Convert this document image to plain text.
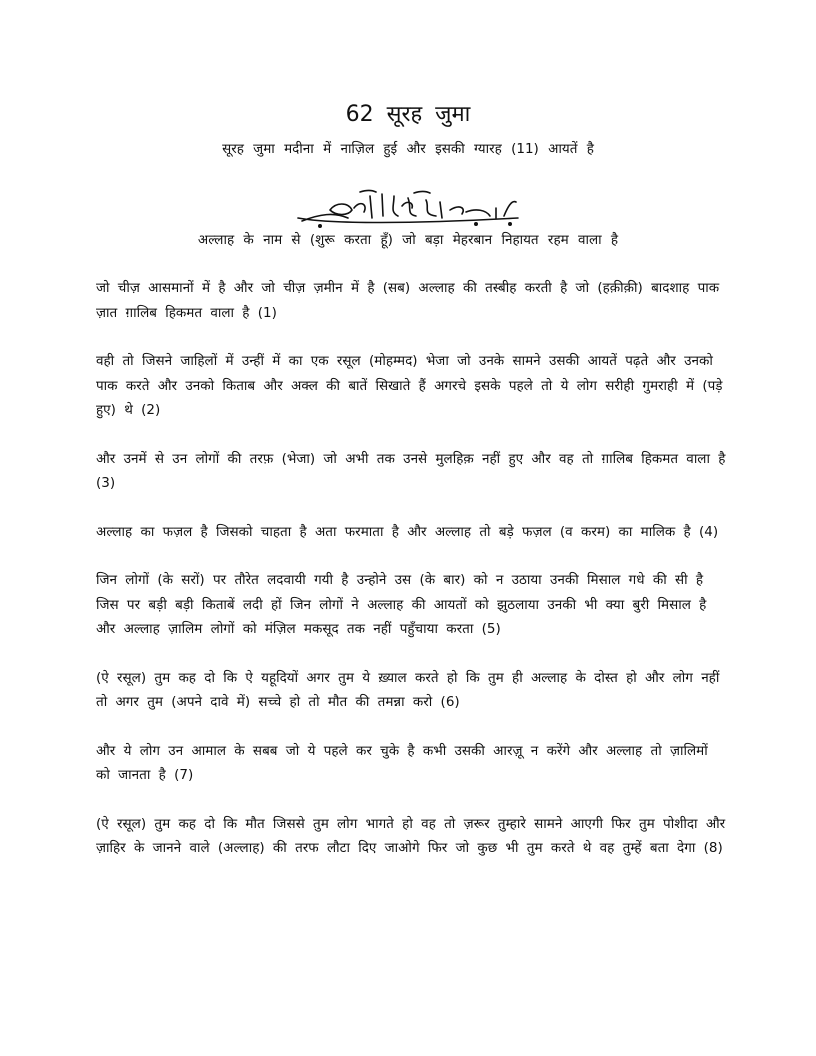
62 सूरह जुमा

सूरह जुमा मदीना में नाज़िल हुई और इसकी ग्यारह (11) आयतें है

अल्लाह के नाम से (शुरू करता हूँ) जो बड़ा मेहरबान निहायत रहम वाला है

जो चीज़ आसमानों में है और जो चीज़ ज़मीन में है (सब) अल्लाह की तस्बीह करती है जो (हक़ीक़ी) बादशाह पाक ज़ात ग़ालिब हिकमत वाला है (1)

वही तो जिसने जाहिलों में उन्हीं में का एक रसूल (मोहम्मद) भेजा जो उनके सामने उसकी आयतें पढ़ते और उनको पाक करते और उनको किताब और अक्ल की बातें सिखाते हैं अगरचे इसके पहले तो ये लोग सरीही गुमराही में (पड़े हुए) थे (2)

और उनमें से उन लोगों की तरफ़ (भेजा) जो अभी तक उनसे मुलहिक़ नहीं हुए और वह तो ग़ालिब हिकमत वाला है (3)

अल्लाह का फज़ल है जिसको चाहता है अता फरमाता है और अल्लाह तो बड़े फज़ल (व करम) का मालिक है (4)

जिन लोगों (के सरों) पर तौरेत लदवायी गयी है उन्होने उस (के बार) को न उठाया उनकी मिसाल गधे की सी है जिस पर बड़ी बड़ी किताबें लदी हों जिन लोगों ने अल्लाह की आयतों को झुठलाया उनकी भी क्या बुरी मिसाल है और अल्लाह ज़ालिम लोगों को मंज़िल मकसूद तक नहीं पहुँचाया करता (5)

(ऐ रसूल) तुम कह दो कि ऐ यहूदियों अगर तुम ये ख़्याल करते हो कि तुम ही अल्लाह के दोस्त हो और लोग नहीं तो अगर तुम (अपने दावे में) सच्चे हो तो मौत की तमन्ना करो (6)

और ये लोग उन आमाल के सबब जो ये पहले कर चुके है कभी उसकी आरज़ू न करेंगे और अल्लाह तो ज़ालिमों को जानता है (7)

(ऐ रसूल) तुम कह दो कि मौत जिससे तुम लोग भागते हो वह तो ज़रूर तुम्हारे सामने आएगी फिर तुम पोशीदा और ज़ाहिर के जानने वाले (अल्लाह) की तरफ लौटा दिए जाओगे फिर जो कुछ भी तुम करते थे वह तुम्हें बता देगा (8)
